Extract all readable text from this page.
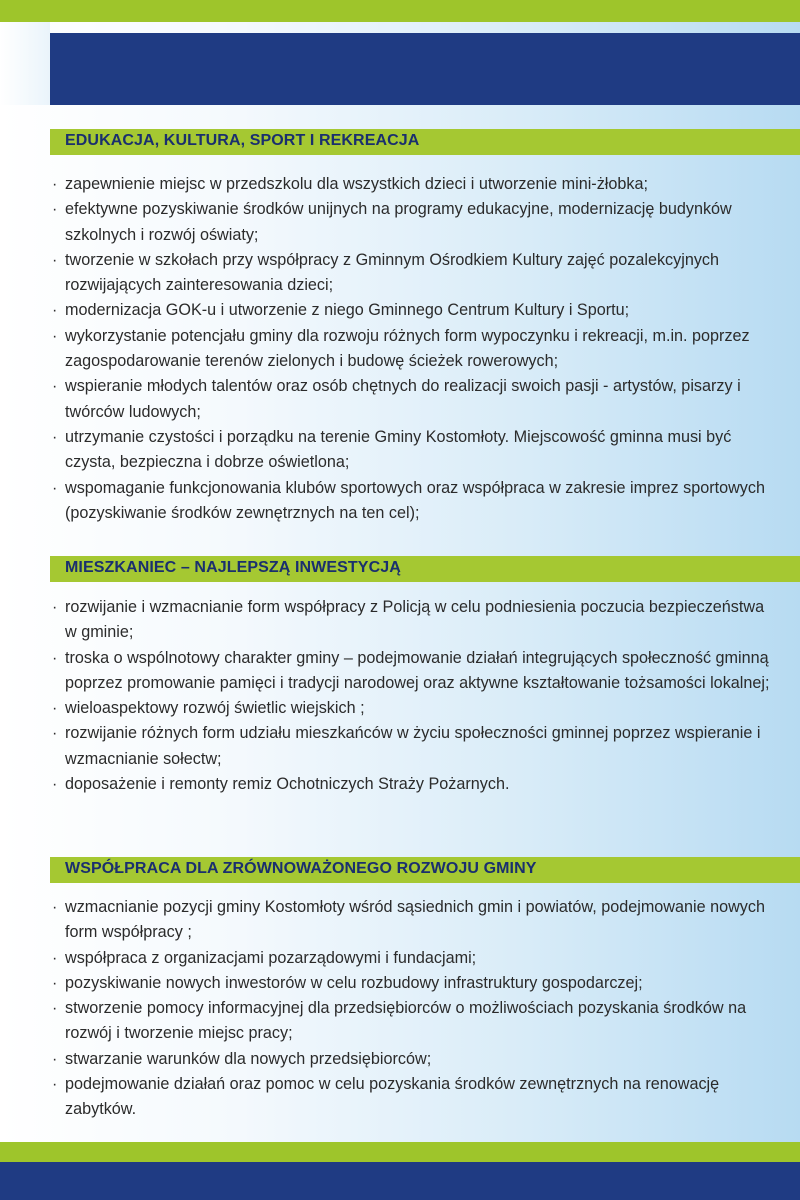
EDUKACJA, KULTURA, SPORT I REKREACJA
· zapewnienie miejsc w przedszkolu dla wszystkich dzieci i utworzenie mini-żłobka;
· efektywne pozyskiwanie środków unijnych na programy edukacyjne, modernizację budynków szkolnych i rozwój oświaty;
· tworzenie w szkołach przy współpracy z Gminnym Ośrodkiem Kultury zajęć pozalekcyjnych rozwijających zainteresowania dzieci;
· modernizacja GOK-u i utworzenie z niego Gminnego Centrum Kultury i Sportu;
· wykorzystanie potencjału gminy dla rozwoju różnych form wypoczynku i rekreacji, m.in. poprzez zagospodarowanie terenów zielonych i budowę ścieżek rowerowych;
· wspieranie młodych talentów oraz osób chętnych do realizacji swoich pasji - artystów, pisarzy i twórców ludowych;
· utrzymanie czystości i porządku na terenie Gminy Kostomłoty. Miejscowość gminna musi być czysta, bezpieczna i dobrze oświetlona;
· wspomaganie funkcjonowania klubów sportowych oraz współpraca w zakresie imprez sportowych (pozyskiwanie środków zewnętrznych na ten cel);
MIESZKANIEC – NAJLEPSZĄ INWESTYCJĄ
· rozwijanie i wzmacnianie form współpracy z Policją w celu podniesienia poczucia bezpieczeństwa w gminie;
· troska o wspólnotowy charakter gminy – podejmowanie działań integrujących społeczność gminną poprzez promowanie pamięci i tradycji narodowej oraz aktywne kształtowanie tożsamości lokalnej;
· wieloaspektowy rozwój świetlic wiejskich ;
· rozwijanie różnych form udziału mieszkańców w życiu społeczności gminnej poprzez wspieranie i wzmacnianie sołectw;
· doposażenie i remonty remiz Ochotniczych Straży Pożarnych.
WSPÓŁPRACA DLA ZRÓWNOWAŻONEGO ROZWOJU GMINY
· wzmacnianie pozycji gminy Kostomłoty wśród sąsiednich gmin i powiatów, podejmowanie nowych form współpracy ;
· współpraca z organizacjami pozarządowymi i fundacjami;
· pozyskiwanie nowych inwestorów w celu rozbudowy infrastruktury gospodarczej;
· stworzenie pomocy informacyjnej dla przedsiębiorców o możliwościach pozyskania środków na rozwój i tworzenie miejsc pracy;
· stwarzanie warunków dla nowych przedsiębiorców;
· podejmowanie działań oraz pomoc w celu pozyskania środków zewnętrznych na renowację zabytków.
